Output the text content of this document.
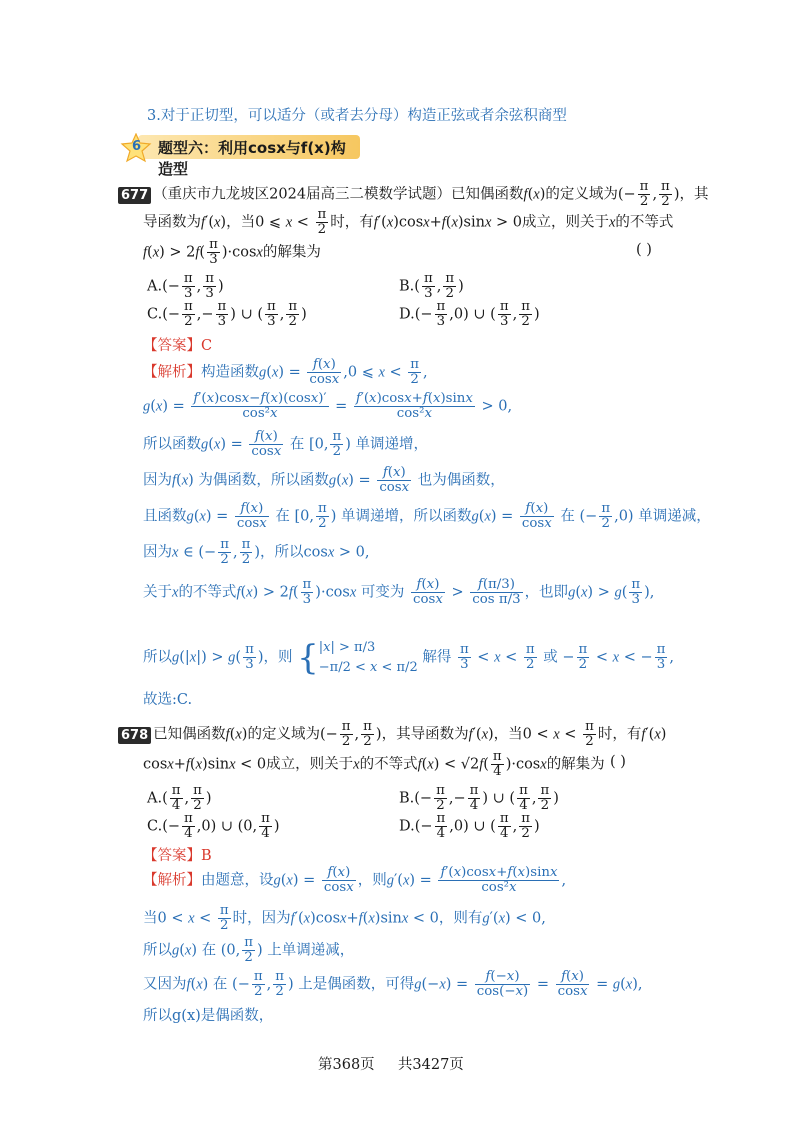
3.对于正切型，可以适分（或者去分母）构造正弦或者余弦积商型
6 题型六：利用cosx与f(x)构造型
677 （重庆市九龙坡区2024届高三二模数学试题）已知偶函数f(x)的定义域为(− $\frac{\pi}{2}$ , $\frac{\pi}{2}$ )，其
导函数为f′(x)，当0 ⩽ $x < \frac{\pi}{2}$ 时，有f′(x)cosx+f(x)sinx > 0成立，则关于x的不等式
$f(x) > 2f( \frac{\pi}{3} )\cdot\cos x$的解集为	( )
$A.(- \frac{\pi}{3}$ , $\frac{\pi}{3}$ )	$B.( \frac{\pi}{3}$ , $\frac{\pi}{2}$ )
$C.(- \frac{\pi}{2}$ ,− $\frac{\pi}{3}$ ) ∪ ( $\frac{\pi}{3}$ , $\frac{\pi}{2}$ )	$D.(- \frac{\pi}{3} ,0)$ ∪ ( $\frac{\pi}{3}$ , $\frac{\pi}{2}$ )
【答案】C
【解析】构造函数$g(x) = \frac{f(x)}{\cos x} ,0$ ⩽ $x < \frac{\pi}{2}$ ,
$g(x) = \frac{f'(x)\cos x-f(x)(\cos x)'}{\text{cos²x}} = \frac{f'(x)\cos x+f(x)\sin x}{\text{cos²x}} > 0$,
所以函数$g(x) = \frac{f(x)}{\cos x}$ 在 [0, $\frac{\pi}{2}$ ) 单调递增，
因为f(x) 为偶函数，所以函数$g(x) = \frac{f(x)}{\cos x}$ 也为偶函数，
且函数$g(x) = \frac{f(x)}{\cos x}$ 在 [0, $\frac{\pi}{2}$ ) 单调递增，所以函数$g(x) = \frac{f(x)}{\cos x}$ 在 (− $\frac{\pi}{2} ,0$) 单调递减，
因为x ∈ (− $\frac{\pi}{2}$ , $\frac{\pi}{2}$ )，所以cosx > 0,
关于x的不等式$f(x) > 2f( \frac{\pi}{3} )\cdot\cos x$ 可变为 $\frac{f(x)}{\cos x} > \frac{f(\pi/3)}{\text{cos π/3}}$ ，也即$g(x) > g( \frac{\pi}{3}$ ),
所以$g(|x|) > g( \frac{\pi}{3}$ )，则 {|x| > π/3
−π/2 < x < π/2 解得 $\frac{\pi}{3} < x < \frac{\pi}{2}$ 或 − $\frac{\pi}{2} < x$ < − $\frac{\pi}{3}$ ,
故选:C.
678 已知偶函数f(x)的定义域为(− $\frac{\pi}{2}$ , $\frac{\pi}{2}$ )，其导函数为f′(x)，当$0 < x < \frac{\pi}{2}$ 时，有f′(x)
cosx+f(x)sinx < 0成立，则关于x的不等式$f(x) < √2f( \frac{\pi}{4} )\cdot\cos x$的解集为 ( )
$A.( \frac{\pi}{4}$ , $\frac{\pi}{2}$ )	$B.(- \frac{\pi}{2}$ ,− $\frac{\pi}{4}$ ) ∪ ( $\frac{\pi}{4}$ , $\frac{\pi}{2}$ )
$C.(- \frac{\pi}{4} ,0)$ ∪ (0, $\frac{\pi}{4}$ )	$D.(- \frac{\pi}{4} ,0)$ ∪ ( $\frac{\pi}{4}$ , $\frac{\pi}{2}$ )
【答案】B
【解析】由题意，设$g(x) = \frac{f(x)}{\cos x}$ ，则$g'(x) = \frac{f'(x)\cos x+f(x)\sin x}{\text{cos²x}}$ ,
当$0 < x < \frac{\pi}{2}$ 时，因为f′(x)cosx+f(x)sinx < 0，则有g′(x) < 0,
所以g(x) 在 (0, $\frac{\pi}{2}$ ) 上单调递减，
又因为f(x) 在 (− $\frac{\pi}{2}$ , $\frac{\pi}{2}$ ) 上是偶函数，可得$g(-x) = \frac{f(-x)}{\cos(-x)} = \frac{f(x)}{\cos x} = g(x)$,
所以g(x)是偶函数，
第368页 共3427页
